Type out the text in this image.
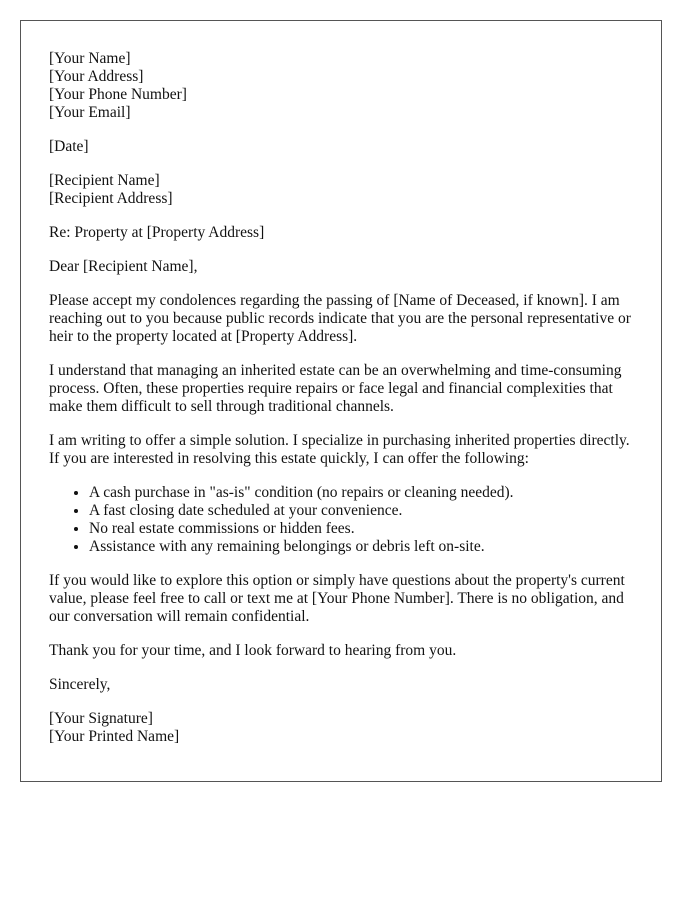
[Your Name]
[Your Address]
[Your Phone Number]
[Your Email]
[Date]
[Recipient Name]
[Recipient Address]

Re: Property at [Property Address]

Dear [Recipient Name],

Please accept my condolences regarding the passing of [Name of Deceased, if known]. I am reaching out to you because public records indicate that you are the personal representative or heir to the property located at [Property Address].

I understand that managing an inherited estate can be an overwhelming and time-consuming process. Often, these properties require repairs or face legal and financial complexities that make them difficult to sell through traditional channels.

I am writing to offer a simple solution. I specialize in purchasing inherited properties directly. If you are interested in resolving this estate quickly, I can offer the following:

• A cash purchase in "as-is" condition (no repairs or cleaning needed).
• A fast closing date scheduled at your convenience.
• No real estate commissions or hidden fees.
• Assistance with any remaining belongings or debris left on-site.

If you would like to explore this option or simply have questions about the property's current value, please feel free to call or text me at [Your Phone Number]. There is no obligation, and our conversation will remain confidential.

Thank you for your time, and I look forward to hearing from you.

Sincerely,

[Your Signature]
[Your Printed Name]
